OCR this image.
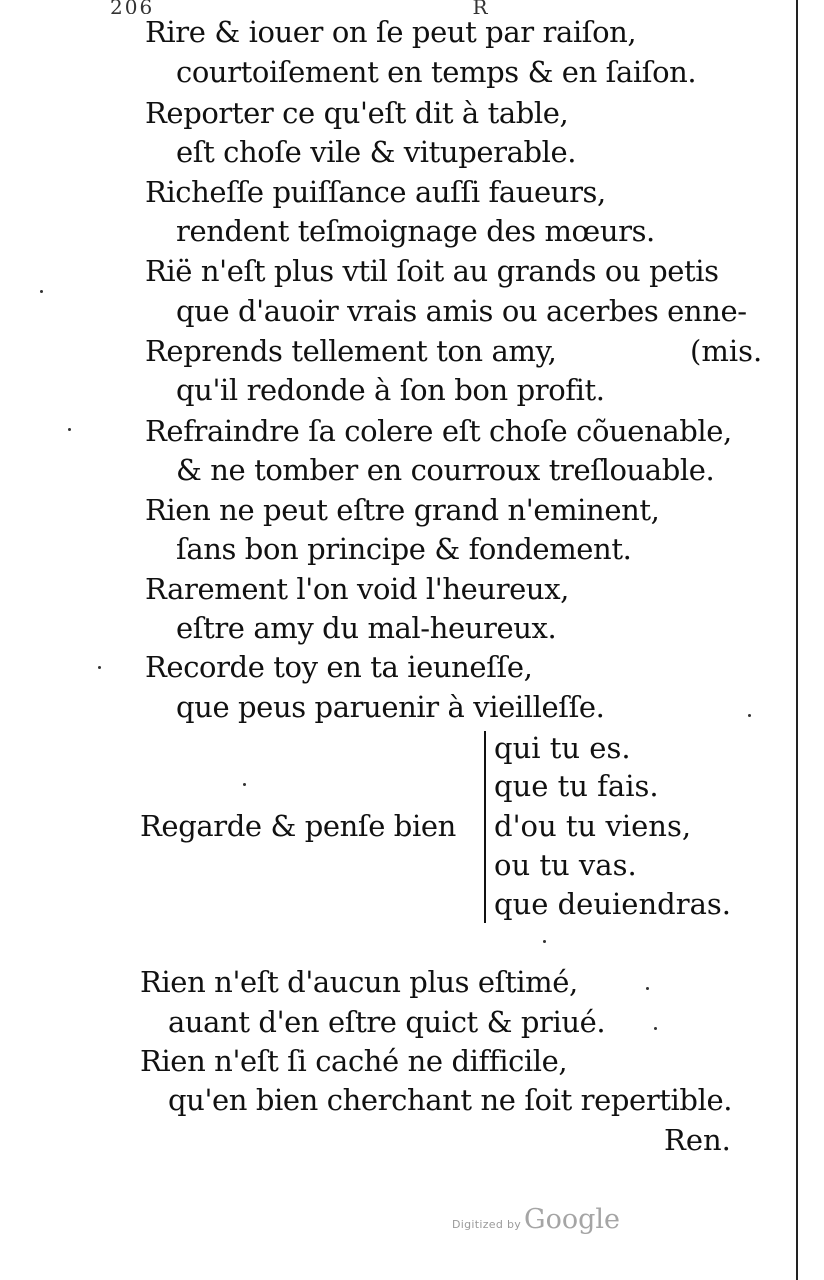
206	R
Rire & iouer on ſe peut par raiſon,
courtoiſement en temps & en ſaiſon.
Reporter ce qu'eſt dit à table,
eſt choſe vile & vituperable.
Richeſſe puiſſance auſſi faueurs,
rendent teſmoignage des mœurs.
Rië n'eſt plus vtil ſoit au grands ou petis
que d'auoir vrais amis ou acerbes enne-
Reprends tellement ton amy,	(mis.
qu'il redonde à ſon bon profit.
Refraindre ſa colere eſt choſe cõuenable,
& ne tomber en courroux treſlouable.
Rien ne peut eſtre grand n'eminent,
ſans bon principe & fondement.
Rarement l'on void l'heureux,
eſtre amy du mal-heureux.
Recorde toy en ta ieuneſſe,
que peus paruenir à vieilleſſe.
Regarde & penſe bien
qui tu es.
que tu fais.
d'ou tu viens,
ou tu vas.
que deuiendras.
Rien n'eſt d'aucun plus eſtimé,
auant d'en eſtre quict & priué.
Rien n'eſt ſi caché ne difficile,
qu'en bien cherchant ne ſoit repertible.
Ren.
Digitized by Google
